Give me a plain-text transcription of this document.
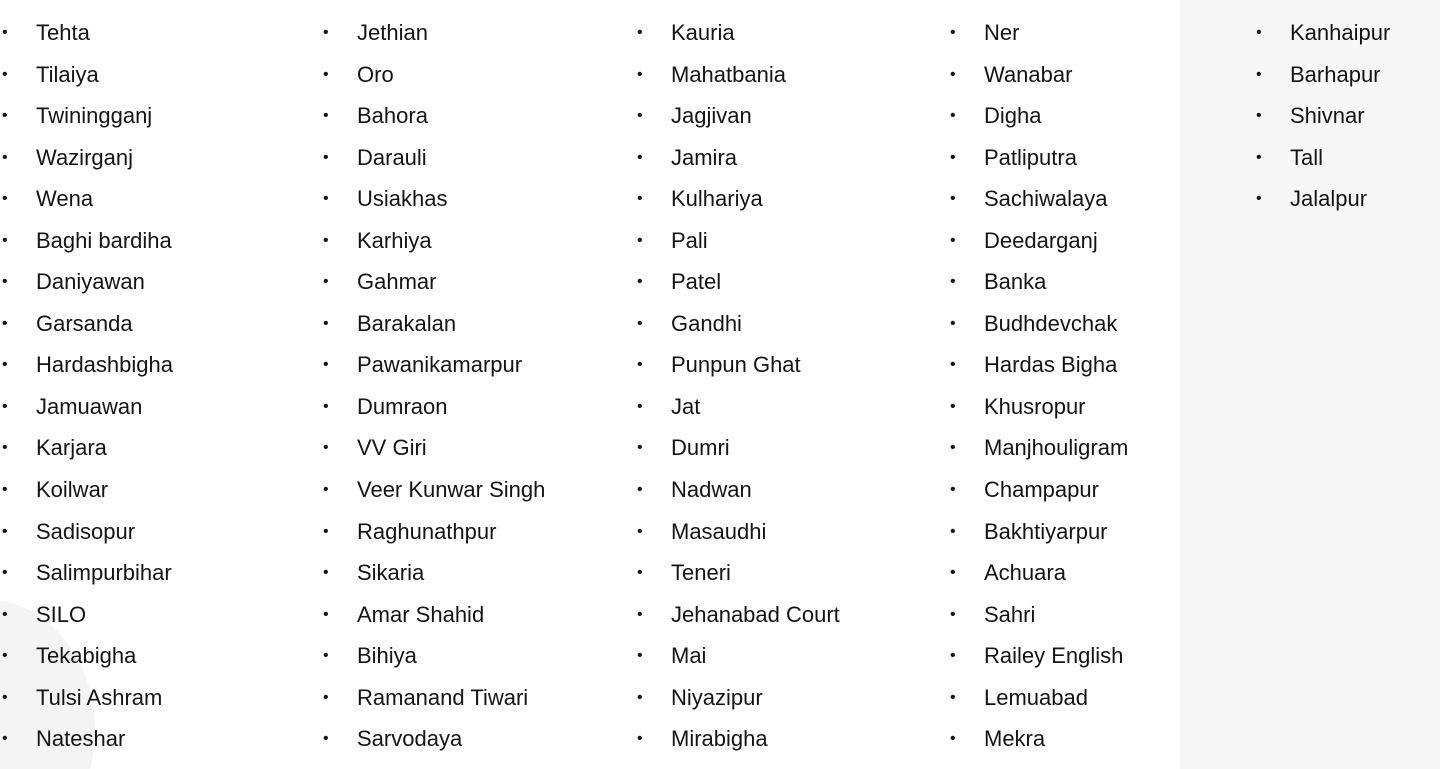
• Tehta
• Tilaiya
• Twiningganj
• Wazirganj
• Wena
• Baghi bardiha
• Daniyawan
• Garsanda
• Hardashbigha
• Jamuawan
• Karjara
• Koilwar
• Sadisopur
• Salimpurbihar
• SILO
• Tekabigha
• Tulsi Ashram
• Nateshar
• Jethian
• Oro
• Bahora
• Darauli
• Usiakhas
• Karhiya
• Gahmar
• Barakalan
• Pawanikamarpur
• Dumraon
• VV Giri
• Veer Kunwar Singh
• Raghunathpur
• Sikaria
• Amar Shahid
• Bihiya
• Ramanand Tiwari
• Sarvodaya
• Kauria
• Mahatbania
• Jagjivan
• Jamira
• Kulhariya
• Pali
• Patel
• Gandhi
• Punpun Ghat
• Jat
• Dumri
• Nadwan
• Masaudhi
• Teneri
• Jehanabad Court
• Mai
• Niyazipur
• Mirabigha
• Ner
• Wanabar
• Digha
• Patliputra
• Sachiwalaya
• Deedarganj
• Banka
• Budhdevchak
• Hardas Bigha
• Khusropur
• Manjhouligram
• Champapur
• Bakhtiyarpur
• Achuara
• Sahri
• Railey English
• Lemuabad
• Mekra
• Kanhaipur
• Barhapur
• Shivnar
• Tall
• Jalalpur
